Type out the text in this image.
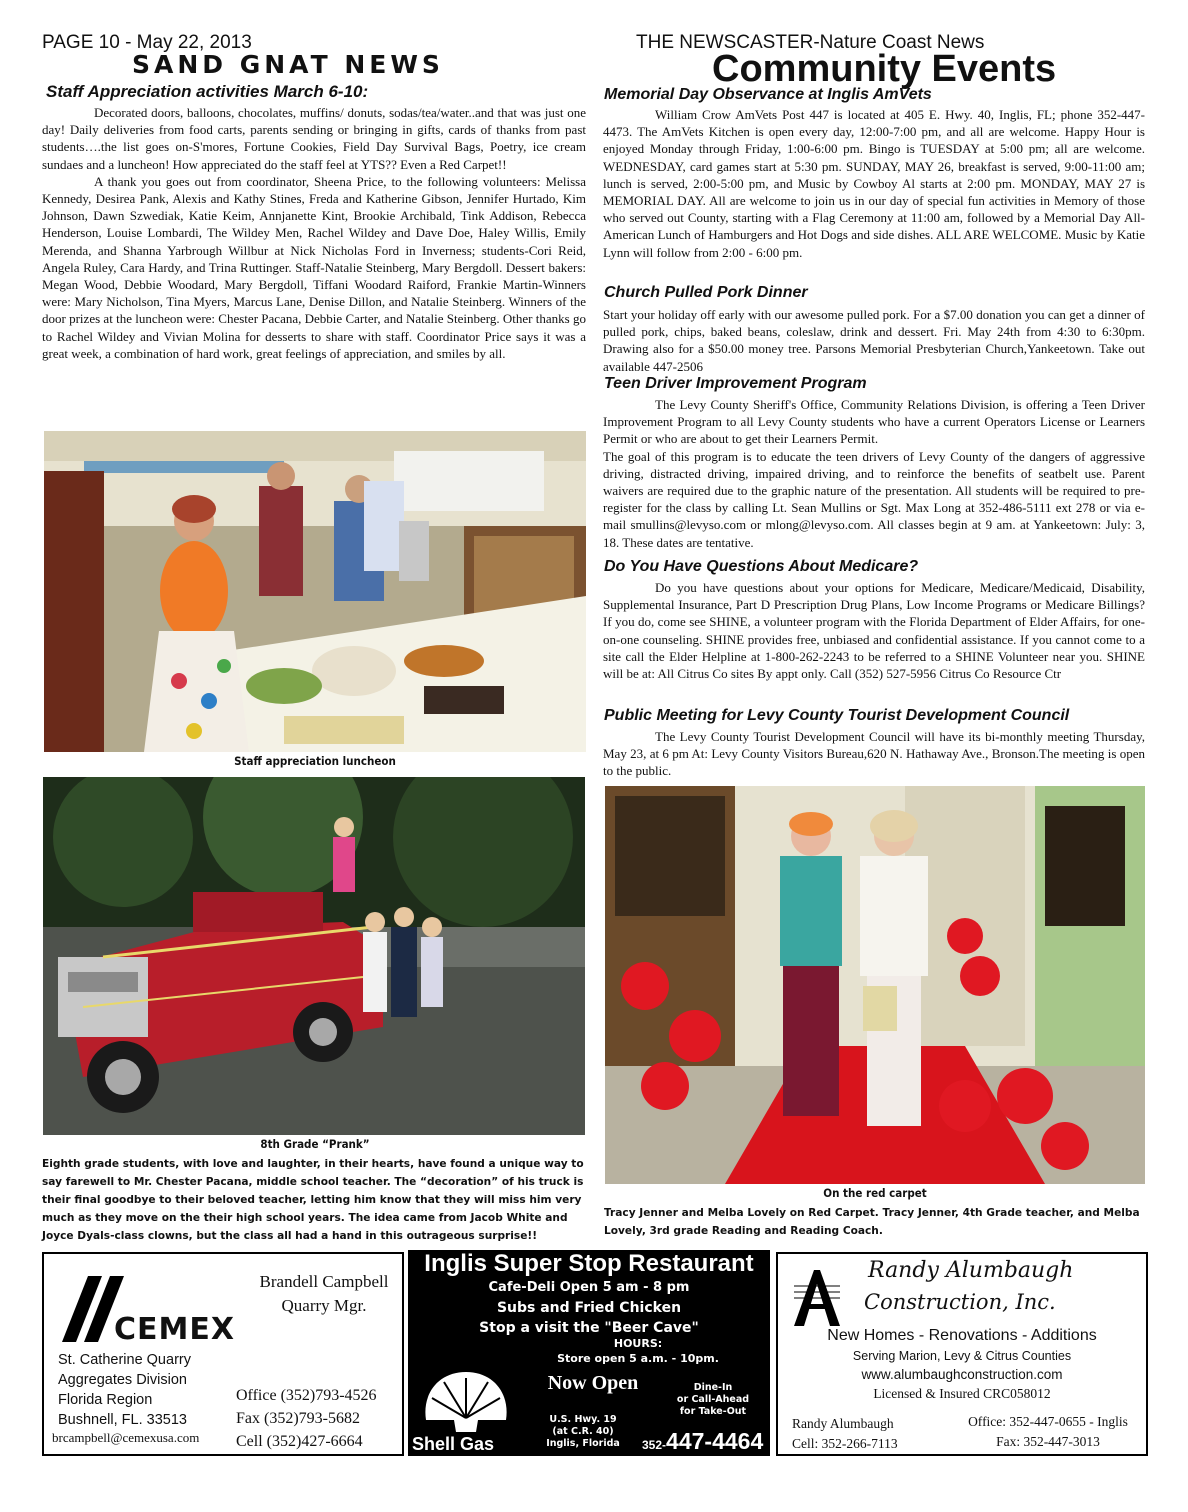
PAGE 10 - May 22, 2013
SAND GNAT NEWS
THE NEWSCASTER-Nature Coast News
Community Events
Staff Appreciation activities March 6-10:

Decorated doors, balloons, chocolates, muffins/ donuts, sodas/tea/water..and that was just one day! Daily deliveries from food carts, parents sending or bringing in gifts, cards of thanks from past students….the list goes on-S'mores, Fortune Cookies, Field Day Survival Bags, Poetry, ice cream sundaes and a luncheon! How appreciated do the staff feel at YTS?? Even a Red Carpet!!

A thank you goes out from coordinator, Sheena Price, to the following volunteers: Melissa Kennedy, Desirea Pank, Alexis and Kathy Stines, Freda and Katherine Gibson, Jennifer Hurtado, Kim Johnson, Dawn Szwediak, Katie Keim, Annjanette Kint, Brookie Archibald, Tink Addison, Rebecca Henderson, Louise Lombardi, The Wildey Men, Rachel Wildey and Dave Doe, Haley Willis, Emily Merenda, and Shanna Yarbrough Willbur at Nick Nicholas Ford in Inverness; students-Cori Reid, Angela Ruley, Cara Hardy, and Trina Ruttinger. Staff-Natalie Steinberg, Mary Bergdoll. Dessert bakers: Megan Wood, Debbie Woodard, Mary Bergdoll, Tiffani Woodard Raiford, Frankie Martin-Winners were: Mary Nicholson, Tina Myers, Marcus Lane, Denise Dillon, and Natalie Steinberg. Winners of the door prizes at the luncheon were: Chester Pacana, Debbie Carter, and Natalie Steinberg. Other thanks go to Rachel Wildey and Vivian Molina for desserts to share with staff. Coordinator Price says it was a great week, a combination of hard work, great feelings of appreciation, and smiles by all.

Staff appreciation luncheon
8th Grade “Prank”
Eighth grade students, with love and laughter, in their hearts, have found a unique way to say farewell to Mr. Chester Pacana, middle school teacher. The “decoration” of his truck is their final goodbye to their beloved teacher, letting him know that they will miss him very much as they move on the their high school years. The idea came from Jacob White and Joyce Dyals-class clowns, but the class all had a hand in this outrageous surprise!!
Memorial Day Observance at Inglis AmVets

William Crow AmVets Post 447 is located at 405 E. Hwy. 40, Inglis, FL; phone 352-447-4473. The AmVets Kitchen is open every day, 12:00-7:00 pm, and all are welcome. Happy Hour is enjoyed Monday through Friday, 1:00-6:00 pm. Bingo is TUESDAY at 5:00 pm; all are welcome. WEDNESDAY, card games start at 5:30 pm. SUNDAY, MAY 26, breakfast is served, 9:00-11:00 am; lunch is served, 2:00-5:00 pm, and Music by Cowboy Al starts at 2:00 pm. MONDAY, MAY 27 is MEMORIAL DAY. All are welcome to join us in our day of special fun activities in Memory of those who served out County, starting with a Flag Ceremony at 11:00 am, followed by a Memorial Day All-American Lunch of Hamburgers and Hot Dogs and side dishes. ALL ARE WELCOME. Music by Katie Lynn will follow from 2:00 - 6:00 pm.

Church Pulled Pork Dinner

Start your holiday off early with our awesome pulled pork. For a $7.00 donation you can get a dinner of pulled pork, chips, baked beans, coleslaw, drink and dessert. Fri. May 24th from 4:30 to 6:30pm. Drawing also for a $50.00 money tree. Parsons Memorial Presbyterian Church,Yankeetown. Take out available 447-2506

Teen Driver Improvement Program

The Levy County Sheriff's Office, Community Relations Division, is offering a Teen Driver Improvement Program to all Levy County students who have a current Operators License or Learners Permit or who are about to get their Learners Permit.

The goal of this program is to educate the teen drivers of Levy County of the dangers of aggressive driving, distracted driving, impaired driving, and to reinforce the benefits of seatbelt use. Parent waivers are required due to the graphic nature of the presentation. All students will be required to pre-register for the class by calling Lt. Sean Mullins or Sgt. Max Long at 352-486-5111 ext 278 or via e-mail smullins@levyso.com or mlong@levyso.com. All classes begin at 9 am. at Yankeetown: July: 3, 18. These dates are tentative.

Do You Have Questions About Medicare?

Do you have questions about your options for Medicare, Medicare/Medicaid, Disability, Supplemental Insurance, Part D Prescription Drug Plans, Low Income Programs or Medicare Billings? If you do, come see SHINE, a volunteer program with the Florida Department of Elder Affairs, for one-on-one counseling. SHINE provides free, unbiased and confidential assistance. If you cannot come to a site call the Elder Helpline at 1-800-262-2243 to be referred to a SHINE Volunteer near you. SHINE will be at: All Citrus Co sites By appt only. Call (352) 527-5956 Citrus Co Resource Ctr

Public Meeting for Levy County Tourist Development Council

The Levy County Tourist Development Council will have its bi-monthly meeting Thursday, May 23, at 6 pm At: Levy County Visitors Bureau,620 N. Hathaway Ave., Bronson.The meeting is open to the public.

On the red carpet
Tracy Jenner and Melba Lovely on Red Carpet. Tracy Jenner, 4th Grade teacher, and Melba Lovely, 3rd grade Reading and Reading Coach.
CEMEX
Brandell Campbell
Quarry Mgr.
St. Catherine Quarry
Aggregates Division
Florida Region
Bushnell, FL. 33513
brcampbell@cemexusa.com
Office (352)793-4526
Fax (352)793-5682
Cell (352)427-6664
Inglis Super Stop Restaurant
Cafe-Deli Open 5 am - 8 pm
Subs and Fried Chicken
Stop a visit the "Beer Cave"
HOURS:
Store open 5 a.m. - 10pm.
Now Open	Dine-In
or Call-Ahead
for Take-Out
U.S. Hwy. 19
(at C.R. 40)
Inglis, Florida
Shell Gas	352-447-4464
Randy Alumbaugh
Construction, Inc.
New Homes - Renovations - Additions
Serving Marion, Levy & Citrus Counties
www.alumbaughconstruction.com
Licensed & Insured CRC058012
Randy Alumbaugh
Cell: 352-266-7113
Office: 352-447-0655 - Inglis
Fax: 352-447-3013
